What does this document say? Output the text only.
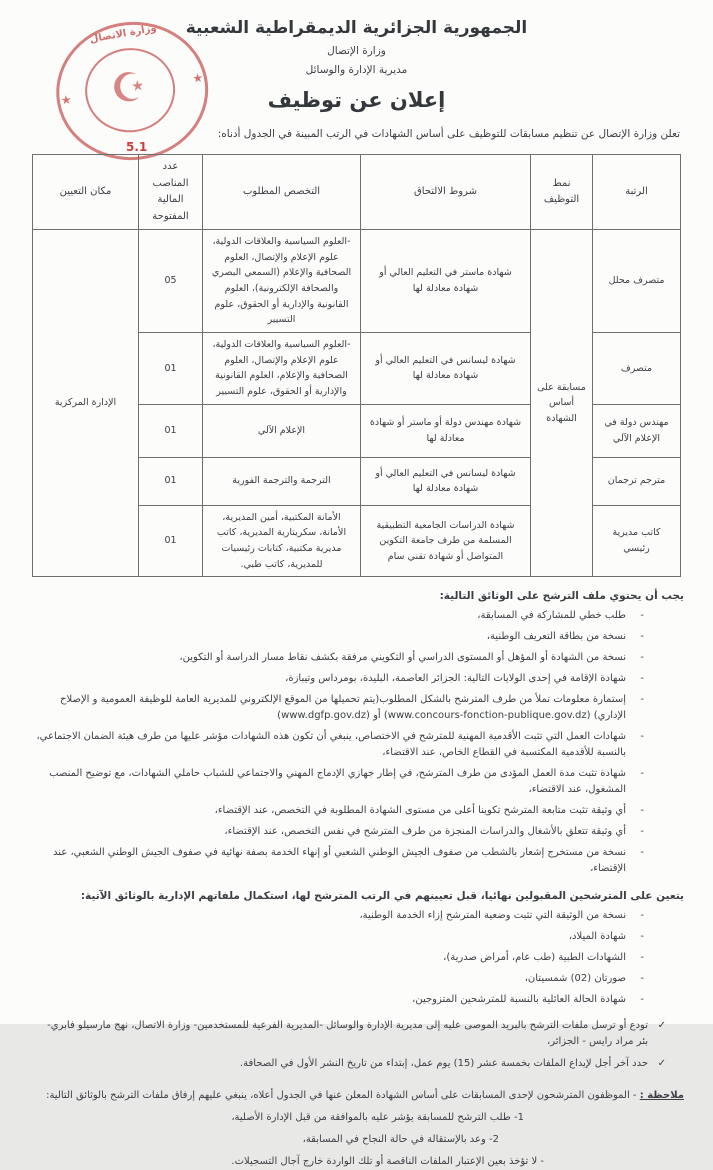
وزارة الاتصال
☪	★
★
5.1
الجمهورية الجزائرية الديمقراطية الشعبية
وزارة الإتصال
مديرية الإدارة والوسائل
إعلان عن توظيف

تعلن وزارة الإتصال عن تنظيم مسابقات للتوظيف على أساس الشهادات في الرتب المبينة في الجدول أدناه:

الرتبة	نمط التوظيف	شروط الالتحاق	التخصص المطلوب	عدد المناصب المالية المفتوحة	مكان التعيين
متصرف محلل	مسابقة على أساس الشهادة	شهادة ماستر في التعليم العالي أو شهادة معادلة لها	-العلوم السياسية والعلاقات الدولية، علوم الإعلام والإتصال، العلوم الصحافية والإعلام (السمعي البصري والصحافة الإلكترونية)، العلوم القانونية والإدارية أو الحقوق، علوم التسيير	05	الإدارة المركزية
متصرف		شهادة ليسانس في التعليم العالي أو شهادة معادلة لها	-العلوم السياسية والعلاقات الدولية، علوم الإعلام والإتصال، العلوم الصحافية والإعلام، العلوم القانونية والإدارية أو الحقوق، علوم التسيير	01	
مهندس دولة في الإعلام الآلي		شهادة مهندس دولة أو ماستر أو شهادة معادلة لها	الإعلام الآلي	01	
مترجم ترجمان		شهادة ليسانس في التعليم العالي أو شهادة معادلة لها	الترجمة والترجمة الفورية	01	
كاتب مديرية رئيسي		شهادة الدراسات الجامعية التطبيقية المسلمة من طرف جامعة التكوين المتواصل أو شهادة تقني سام	الأمانة المكتبية، أمين المديرية، الأمانة، سكريتارية المديرية، كاتب مديرية مكتبية، كتابات رئيسيات للمديرية، كاتب طبي.	01	
يجب أن يحتوي ملف الترشح على الوثائق التالية:
- طلب خطي للمشاركة في المسابقة،
- نسخة من بطاقة التعريف الوطنية،
- نسخة من الشهادة أو المؤهل أو المستوى الدراسي أو التكويني مرفقة بكشف نقاط مسار الدراسة أو التكوين،
- شهادة الإقامة في إحدى الولايات التالية: الجزائر العاصمة، البليدة، بومرداس وتيبازة،
- إستمارة معلومات تملأ من طرف المترشح بالشكل المطلوب(يتم تحميلها من الموقع الإلكتروني للمديرية العامة للوظيفة العمومية و الإصلاح الإداري) (www.concours-fonction-publique.gov.dz) أو (www.dgfp.gov.dz)
- شهادات العمل التي تثبت الأقدمية المهنية للمترشح في الاختصاص، ينبغي أن تكون هذه الشهادات مؤشر عليها من طرف هيئة الضمان الاجتماعي، بالنسبة للأقدمية المكتسبة في القطاع الخاص، عند الاقتضاء،
- شهادة تثبت مدة العمل المؤدى من طرف المترشح، في إطار جهازي الإدماج المهني والاجتماعي للشباب حاملي الشهادات، مع توضيح المنصب المشغول، عند الاقتضاء،
- أي وثيقة تثبت متابعة المترشح تكوينا أعلى من مستوى الشهادة المطلوبة في التخصص، عند الإقتضاء،
- أي وثيقة تتعلق بالأشغال والدراسات المنجزة من طرف المترشح في نفس التخصص، عند الإقتضاء،
- نسخة من مستخرج إشعار بالشطب من صفوف الجيش الوطني الشعبي أو إنهاء الخدمة بصفة نهائية في صفوف الجيش الوطني الشعبي، عند الإقتضاء،
يتعين على المترشحين المقبولين نهائيا، قبل تعيينهم في الرتب المترشح لها، استكمال ملفاتهم الإدارية بالوثائق الآتية:
- نسخة من الوثيقة التي تثبت وضعية المترشح إزاء الخدمة الوطنية،
- شهادة الميلاد،
- الشهادات الطبية (طب عام، أمراض صدرية)،
- صورتان (02) شمسيتان،
- شهادة الحالة العائلية بالنسبة للمترشحين المتزوجين،
✓ تودع أو ترسل ملفات الترشح بالبريد الموصى عليه إلى مديرية الإدارة والوسائل -المديرية الفرعية للمستخدمين- وزارة الاتصال، نهج مارسيلو فابري- بئر مراد رايس - الجزائر،
✓ حدد آخر أجل لإيداع الملفات بخمسة عشر (15) يوم عمل، إبتداء من تاريخ النشر الأول في الصحافة.
ملاحظة : - الموظفون المترشحون لإحدى المسابقات على أساس الشهادة المعلن عنها في الجدول أعلاه، ينبغي عليهم إرفاق ملفات الترشح بالوثائق التالية:
1- طلب الترشح للمسابقة يؤشر عليه بالموافقة من قبل الإدارة الأصلية،
2- وعد بالإستقالة في حالة النجاح في المسابقة،
- لا تؤخذ بعين الإعتبار الملفات الناقصة أو تلك الواردة خارج آجال التسجيلات.
